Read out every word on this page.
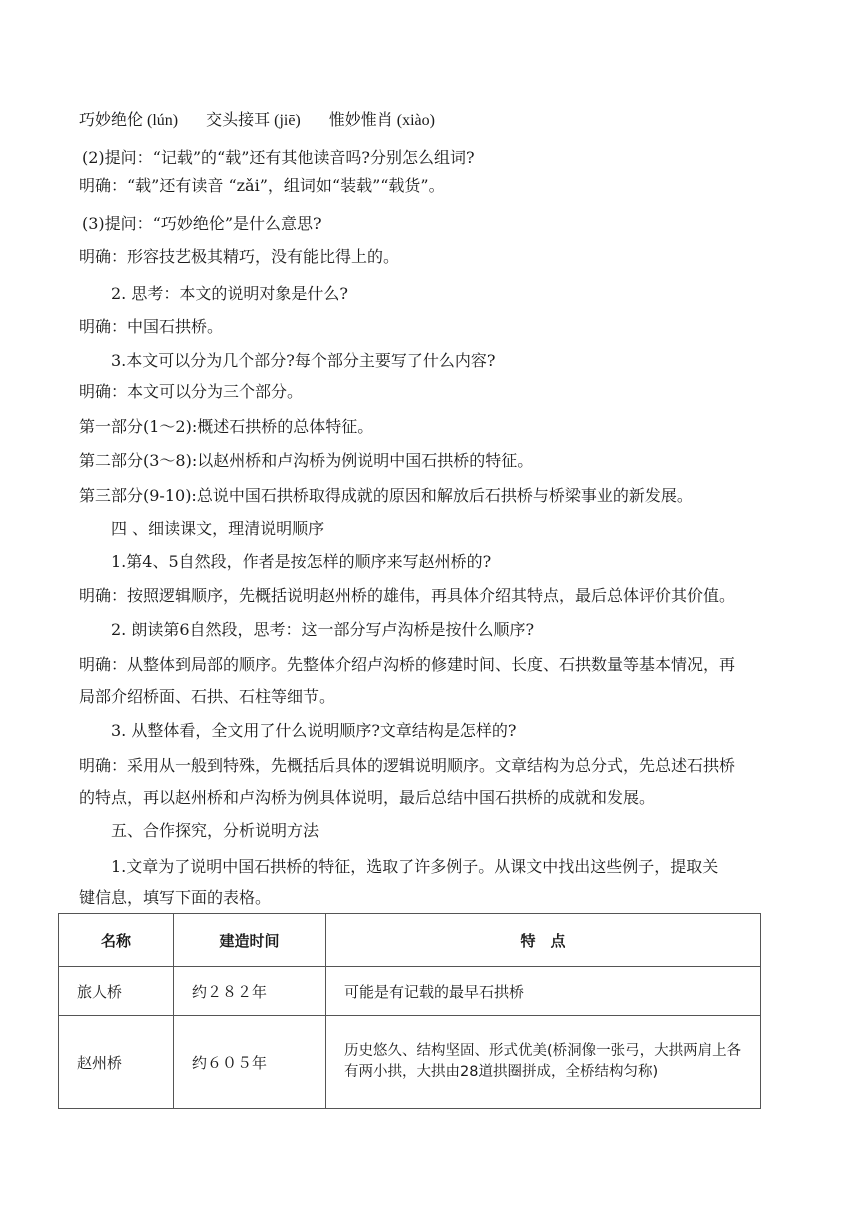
巧妙绝伦 (lún) 交头接耳 (jiē) 惟妙惟肖 (xiào)
(2)提问：“记载”的“载”还有其他读音吗?分别怎么组词?
明确：“载”还有读音 “zǎi”，组词如“装载”“载货”。
(3)提问：“巧妙绝伦”是什么意思?
明确：形容技艺极其精巧，没有能比得上的。
2. 思考：本文的说明对象是什么?
明确：中国石拱桥。
3.本文可以分为几个部分?每个部分主要写了什么内容?
明确：本文可以分为三个部分。
第一部分(1～2):概述石拱桥的总体特征。
第二部分(3～8):以赵州桥和卢沟桥为例说明中国石拱桥的特征。
第三部分(9-10):总说中国石拱桥取得成就的原因和解放后石拱桥与桥梁事业的新发展。
四 、细读课文，理清说明顺序
1.第4、5自然段，作者是按怎样的顺序来写赵州桥的?
明确：按照逻辑顺序，先概括说明赵州桥的雄伟，再具体介绍其特点，最后总体评价其价值。
2. 朗读第6自然段，思考：这一部分写卢沟桥是按什么顺序?
明确：从整体到局部的顺序。先整体介绍卢沟桥的修建时间、长度、石拱数量等基本情况，再
局部介绍桥面、石拱、石柱等细节。
3. 从整体看，全文用了什么说明顺序?文章结构是怎样的?
明确：采用从一般到特殊，先概括后具体的逻辑说明顺序。文章结构为总分式，先总述石拱桥
的特点，再以赵州桥和卢沟桥为例具体说明，最后总结中国石拱桥的成就和发展。
五、合作探究，分析说明方法
1.文章为了说明中国石拱桥的特征，选取了许多例子。从课文中找出这些例子，提取关
键信息，填写下面的表格。
名称	建造时间	特　点
旅人桥	约２８２年	可能是有记载的最早石拱桥
赵州桥	约６０５年	历史悠久、结构坚固、形式优美(桥洞像一张弓，大拱两肩上各有两小拱，大拱由28道拱圈拼成，全桥结构匀称)
